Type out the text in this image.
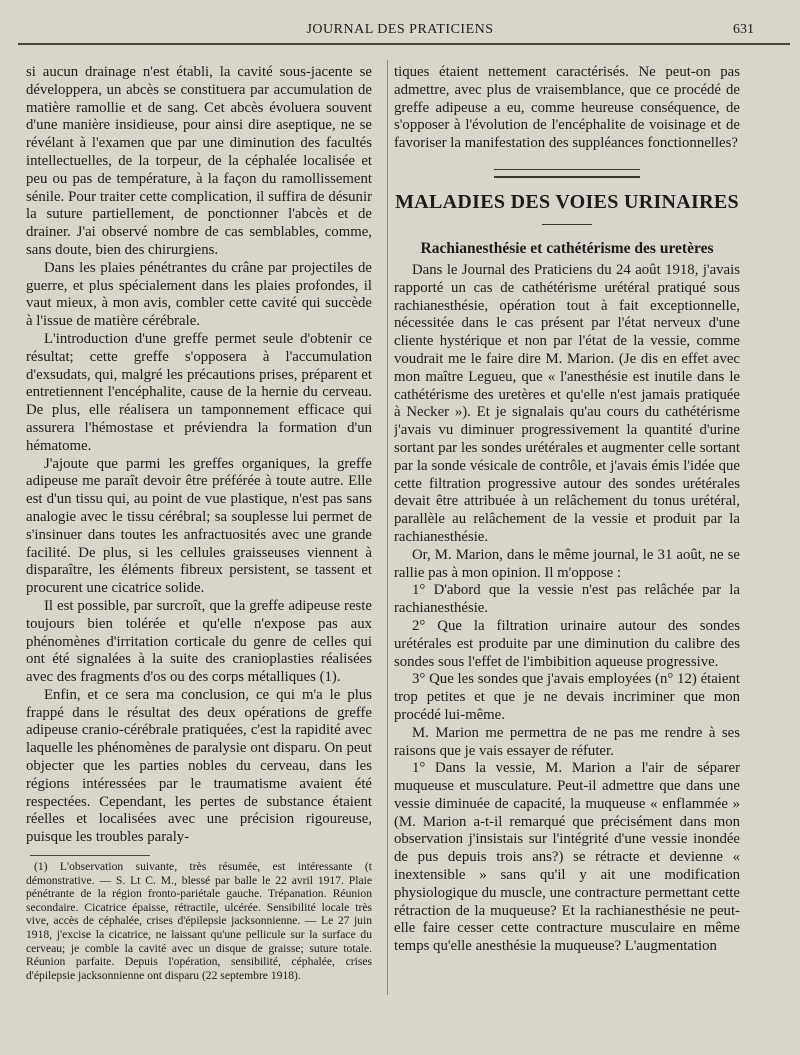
JOURNAL DES PRATICIENS	631

si aucun drainage n'est établi, la cavité sous-jacente se développera, un abcès se constituera par accumulation de matière ramollie et de sang. Cet abcès évoluera souvent d'une manière insidieuse, pour ainsi dire aseptique, ne se révélant à l'examen que par une diminution des facultés intellectuelles, de la torpeur, de la céphalée localisée et peu ou pas de température, à la façon du ramollissement sénile. Pour traiter cette complication, il suffira de désunir la suture partiellement, de ponctionner l'abcès et de drainer. J'ai observé nombre de cas semblables, comme, sans doute, bien des chirurgiens.

Dans les plaies pénétrantes du crâne par projectiles de guerre, et plus spécialement dans les plaies profondes, il vaut mieux, à mon avis, combler cette cavité qui succède à l'issue de matière cérébrale.

L'introduction d'une greffe permet seule d'obtenir ce résultat; cette greffe s'opposera à l'accumulation d'exsudats, qui, malgré les précautions prises, préparent et entretiennent l'encéphalite, cause de la hernie du cerveau. De plus, elle réalisera un tamponnement efficace qui assurera l'hémostase et préviendra la formation d'un hématome.

J'ajoute que parmi les greffes organiques, la greffe adipeuse me paraît devoir être préférée à toute autre. Elle est d'un tissu qui, au point de vue plastique, n'est pas sans analogie avec le tissu cérébral; sa souplesse lui permet de s'insinuer dans toutes les anfractuosités avec une grande facilité. De plus, si les cellules graisseuses viennent à disparaître, les éléments fibreux persistent, se tassent et procurent une cicatrice solide.

Il est possible, par surcroît, que la greffe adipeuse reste toujours bien tolérée et qu'elle n'expose pas aux phénomènes d'irritation corticale du genre de celles qui ont été signalées à la suite des cranioplasties réalisées avec des fragments d'os ou des corps métalliques (1).

Enfin, et ce sera ma conclusion, ce qui m'a le plus frappé dans le résultat des deux opérations de greffe adipeuse cranio-cérébrale pratiquées, c'est la rapidité avec laquelle les phénomènes de paralysie ont disparu. On peut objecter que les parties nobles du cerveau, dans les régions intéressées par le traumatisme avaient été respectées. Cependant, les pertes de substance étaient réelles et localisées avec une précision rigoureuse, puisque les troubles paraly-

(1) L'observation suivante, très résumée, est intéressante (t démonstrative. — S. Lt C. M., blessé par balle le 22 avril 1917. Plaie pénétrante de la région fronto-pariétale gauche. Trépanation. Réunion secondaire. Cicatrice épaisse, rétractile, ulcérée. Sensibilité locale très vive, accès de céphalée, crises d'épilepsie jacksonnienne. — Le 27 juin 1918, j'excise la cicatrice, ne laissant qu'une pellicule sur la surface du cerveau; je comble la cavité avec un disque de graisse; suture totale. Réunion parfaite. Depuis l'opération, sensibilité, céphalée, crises d'épilepsie jacksonnienne ont disparu (22 septembre 1918).

tiques étaient nettement caractérisés. Ne peut-on pas admettre, avec plus de vraisemblance, que ce procédé de greffe adipeuse a eu, comme heureuse conséquence, de s'opposer à l'évolution de l'encéphalite de voisinage et de favoriser la manifestation des suppléances fonctionnelles?

MALADIES DES VOIES URINAIRES
Rachianesthésie et cathétérisme des uretères

Dans le Journal des Praticiens du 24 août 1918, j'avais rapporté un cas de cathétérisme urétéral pratiqué sous rachianesthésie, opération tout à fait exceptionnelle, nécessitée dans le cas présent par l'état nerveux d'une cliente hystérique et non par l'état de la vessie, comme voudrait me le faire dire M. Marion. (Je dis en effet avec mon maître Legueu, que « l'anesthésie est inutile dans le cathétérisme des uretères et qu'elle n'est jamais pratiquée à Necker »). Et je signalais qu'au cours du cathétérisme j'avais vu diminuer progressivement la quantité d'urine sortant par les sondes urétérales et augmenter celle sortant par la sonde vésicale de contrôle, et j'avais émis l'idée que cette filtration progressive autour des sondes urétérales devait être attribuée à un relâchement du tonus urétéral, parallèle au relâchement de la vessie et produit par la rachianesthésie.

Or, M. Marion, dans le même journal, le 31 août, ne se rallie pas à mon opinion. Il m'oppose :

1° D'abord que la vessie n'est pas relâchée par la rachianesthésie.

2° Que la filtration urinaire autour des sondes urétérales est produite par une diminution du calibre des sondes sous l'effet de l'imbibition aqueuse progressive.

3° Que les sondes que j'avais employées (n° 12) étaient trop petites et que je ne devais incriminer que mon procédé lui-même.

M. Marion me permettra de ne pas me rendre à ses raisons que je vais essayer de réfuter.

1° Dans la vessie, M. Marion a l'air de séparer muqueuse et musculature. Peut-il admettre que dans une vessie diminuée de capacité, la muqueuse « enflammée » (M. Marion a-t-il remarqué que précisément dans mon observation j'insistais sur l'intégrité d'une vessie inondée de pus depuis trois ans?) se rétracte et devienne « inextensible » sans qu'il y ait une modification physiologique du muscle, une contracture permettant cette rétraction de la muqueuse? Et la rachianesthésie ne peut-elle faire cesser cette contracture musculaire en même temps qu'elle anesthésie la muqueuse? L'augmentation
